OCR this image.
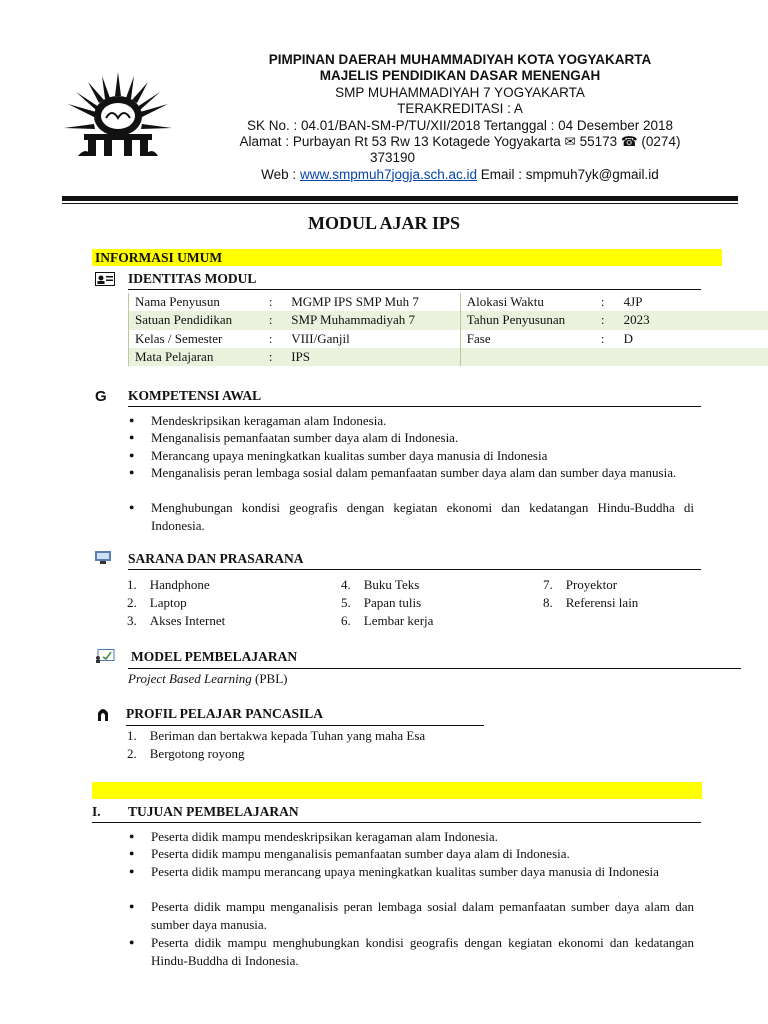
PIMPINAN DAERAH MUHAMMADIYAH KOTA YOGYAKARTA
MAJELIS PENDIDIKAN DASAR MENENGAH
SMP MUHAMMADIYAH 7 YOGYAKARTA
TERAKREDITASI : A
SK No. : 04.01/BAN-SM-P/TU/XII/2018 Tertanggal : 04 Desember 2018
Alamat : Purbayan Rt 53 Rw 13 Kotagede Yogyakarta ✉ 55173 ☎ (0274)
373190
Web : www.smpmuh7jogja.sch.ac.id Email : smpmuh7yk@gmail.id
MODUL AJAR IPS
INFORMASI UMUM
IDENTITAS MODUL
Nama Penyusun	:	MGMP IPS SMP Muh 7	Alokasi Waktu	:	4JP
Satuan Pendidikan	:	SMP Muhammadiyah 7	Tahun Penyusunan	:	2023
Kelas / Semester	:	VIII/Ganjil	Fase	:	D
Mata Pelajaran	:	IPS			
G KOMPETENSI AWAL
● Mendeskripsikan keragaman alam Indonesia.
● Menganalisis pemanfaatan sumber daya alam di Indonesia.
● Merancang upaya meningkatkan kualitas sumber daya manusia di Indonesia
● Menganalisis peran lembaga sosial dalam pemanfaatan sumber daya alam dan sumber daya manusia.
● Menghubungan kondisi geografis dengan kegiatan ekonomi dan kedatangan Hindu-Buddha di Indonesia.
SARANA DAN PRASARANA
1.    Handphone
2.    Laptop
3.    Akses Internet
4.    Buku Teks
5.    Papan tulis
6.    Lembar kerja
7.    Proyektor
8.    Referensi lain
MODEL PEMBELAJARAN
Project Based Learning (PBL)
PROFIL PELAJAR PANCASILA
1.    Beriman dan bertakwa kepada Tuhan yang maha Esa
2.    Bergotong royong
I. TUJUAN PEMBELAJARAN
● Peserta didik mampu mendeskripsikan keragaman alam Indonesia.
● Peserta didik mampu menganalisis pemanfaatan sumber daya alam di Indonesia.
● Peserta didik mampu merancang upaya meningkatkan kualitas sumber daya manusia di Indonesia
● Peserta didik mampu menganalisis peran lembaga sosial dalam pemanfaatan sumber daya alam dan sumber daya manusia.
● Peserta didik mampu menghubungkan kondisi geografis dengan kegiatan ekonomi dan kedatangan Hindu-Buddha di Indonesia.
